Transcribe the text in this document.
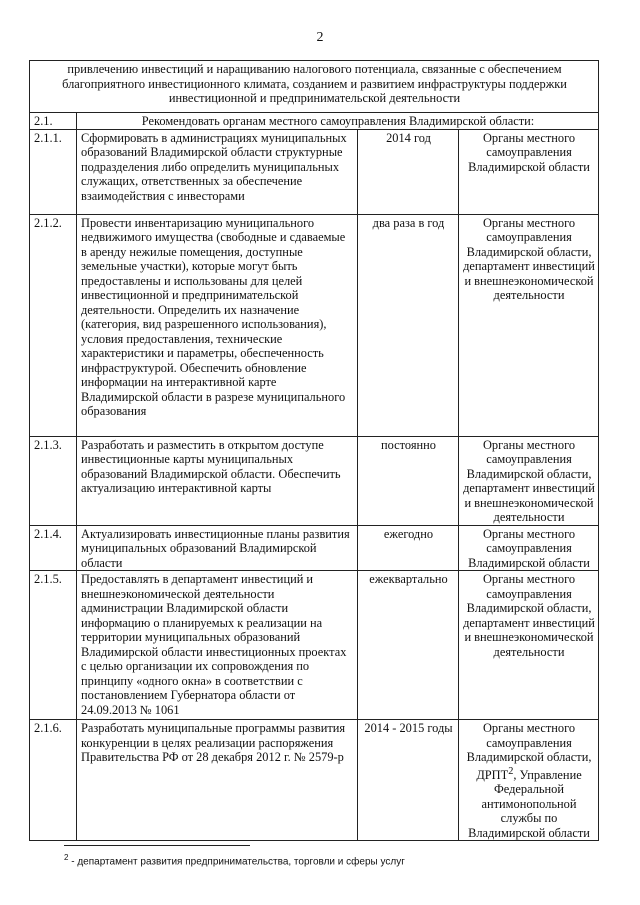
2
привлечению инвестиций и наращиванию налогового потенциала, связанные с обеспечением благоприятного инвестиционного климата, созданием и развитием инфраструктуры поддержки инвестиционной и предпринимательской деятельности			
2.1.	Рекомендовать органам местного самоуправления Владимирской области:		
2.1.1.	Сформировать в администрациях муниципальных образований Владимирской области структурные подразделения либо определить муниципальных служащих, ответственных за обеспечение взаимодействия с инвесторами	2014 год	Органы местного самоуправления Владимирской области
2.1.2.	Провести инвентаризацию муниципального недвижимого имущества (свободные и сдаваемые в аренду нежилые помещения, доступные земельные участки), которые могут быть предоставлены и использованы для целей инвестиционной и предпринимательской деятельности. Определить их назначение (категория, вид разрешенного использования), условия предоставления, технические характеристики и параметры, обеспеченность инфраструктурой. Обеспечить обновление информации на интерактивной карте Владимирской области в разрезе муниципального образования	два раза в год	Органы местного самоуправления Владимирской области, департамент инвестиций и внешнеэкономической деятельности
2.1.3.	Разработать и разместить в открытом доступе инвестиционные карты муниципальных образований Владимирской области. Обеспечить актуализацию интерактивной карты	постоянно	Органы местного самоуправления Владимирской области, департамент инвестиций и внешнеэкономической деятельности
2.1.4.	Актуализировать инвестиционные планы развития муниципальных образований Владимирской области	ежегодно	Органы местного самоуправления Владимирской области
2.1.5.	Предоставлять в департамент инвестиций и внешнеэкономической деятельности администрации Владимирской области информацию о планируемых к реализации на территории муниципальных образований Владимирской области инвестиционных проектах с целью организации их сопровождения по принципу «одного окна» в соответствии с постановлением Губернатора области от 24.09.2013 № 1061	ежеквартально	Органы местного самоуправления Владимирской области, департамент инвестиций и внешнеэкономической деятельности
2.1.6.	Разработать муниципальные программы развития конкуренции в целях реализации распоряжения Правительства РФ от 28 декабря 2012 г. № 2579-р	2014 - 2015 годы	Органы местного самоуправления Владимирской области, ДРПТ$^2$, Управление Федеральной антимонопольной службы по Владимирской области
$^2$ - департамент развития предпринимательства, торговли и сферы услуг
